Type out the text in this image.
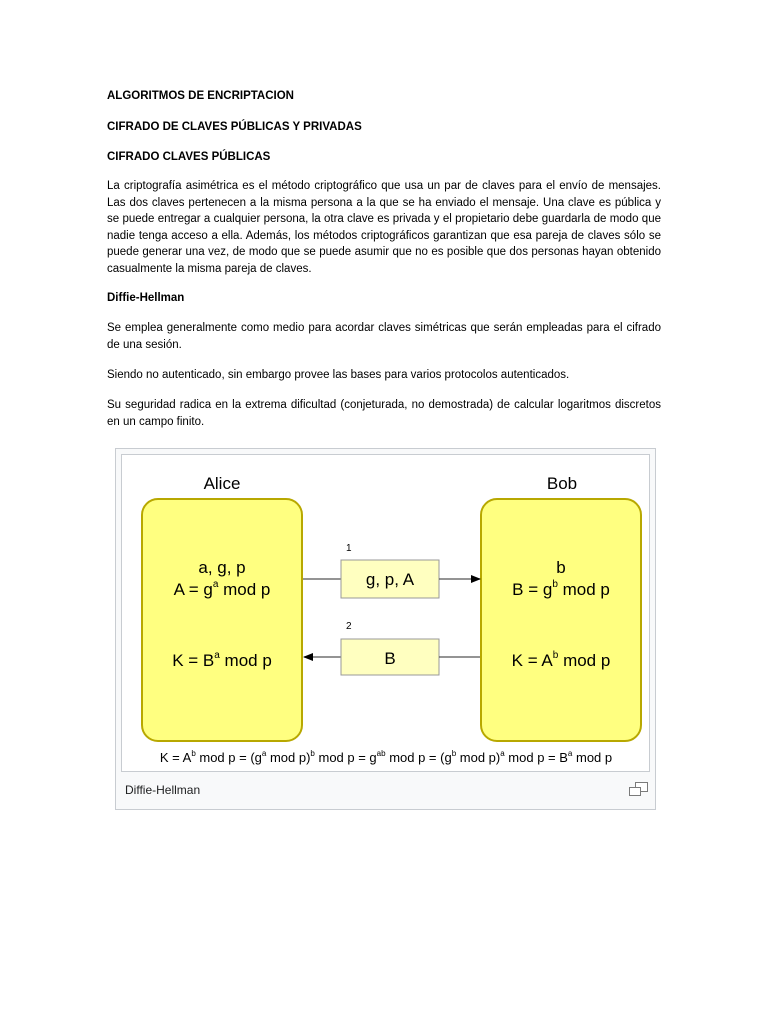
ALGORITMOS DE ENCRIPTACION
CIFRADO DE CLAVES PÚBLICAS Y PRIVADAS
CIFRADO CLAVES PÚBLICAS
La criptografía asimétrica es el método criptográfico que usa un par de claves para el envío de mensajes. Las dos claves pertenecen a la misma persona a la que se ha enviado el mensaje. Una clave es pública y se puede entregar a cualquier persona, la otra clave es privada y el propietario debe guardarla de modo que nadie tenga acceso a ella. Además, los métodos criptográficos garantizan que esa pareja de claves sólo se puede generar una vez, de modo que se puede asumir que no es posible que dos personas hayan obtenido casualmente la misma pareja de claves.
Diffie-Hellman
Se emplea generalmente como medio para acordar claves simétricas que serán empleadas para el cifrado de una sesión.
Siendo no autenticado, sin embargo provee las bases para varios protocolos autenticados.
Su seguridad radica en la extrema dificultad (conjeturada, no demostrada) de calcular logaritmos discretos en un campo finito.
Alice	Bob
a, g, p
$A = g^a$ mod p
$K = B^a$ mod p
b
$B = g^b$ mod p
$K = A^b$ mod p
1
g, p, A
2
B
$K = A^b$ mod $p = (g^a$ mod p)$^b$ mod $p = g^{ab}$ mod $p = (g^b$ mod p)$^a$ mod $p = B^a$ mod p
Diffie-Hellman
